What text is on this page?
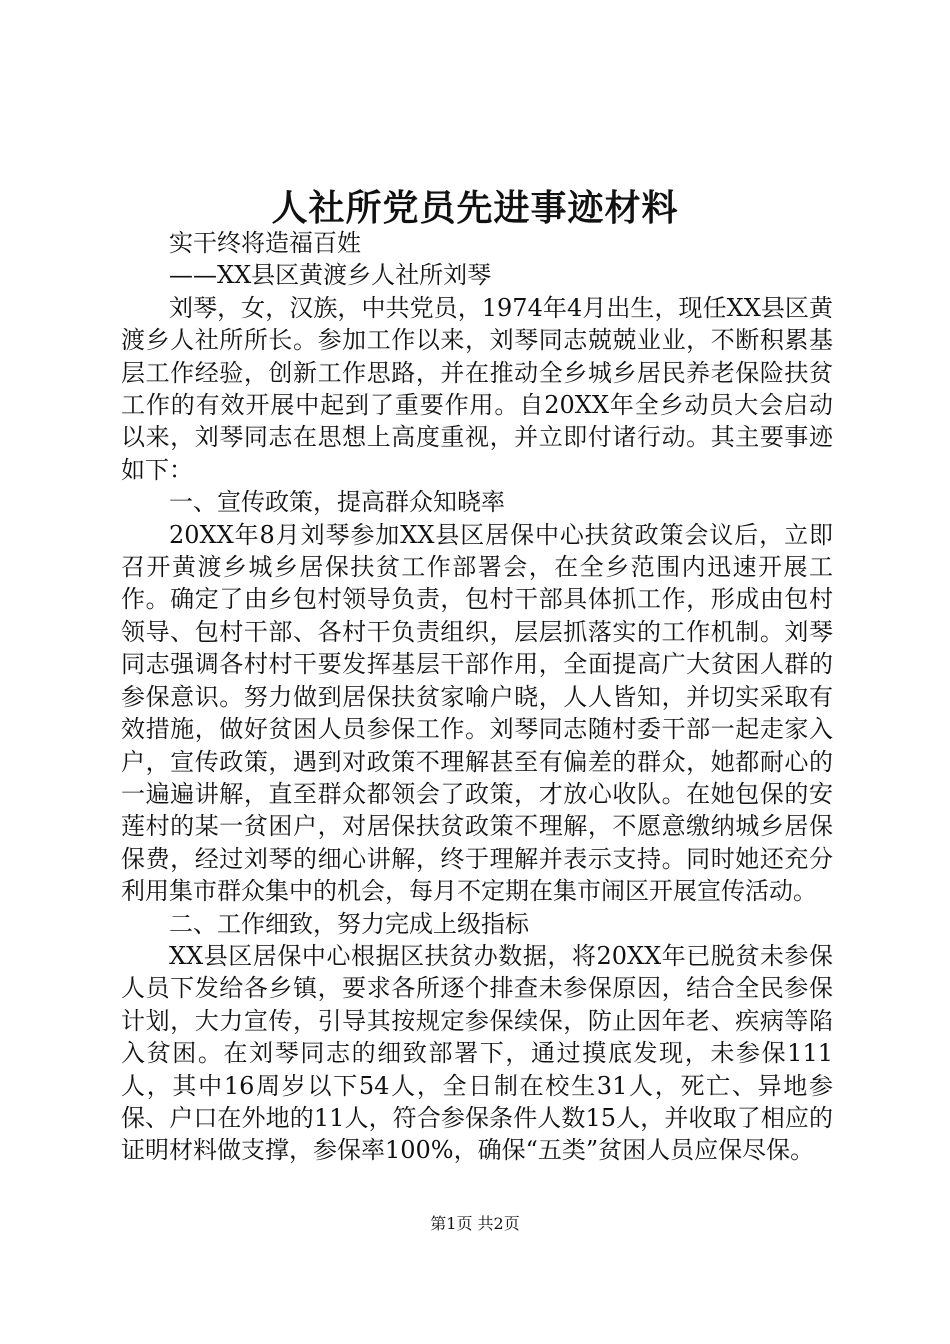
人社所党员先进事迹材料

实干终将造福百姓

——XX县区黄渡乡人社所刘琴

刘琴，女，汉族，中共党员，1974年4月出生，现任XX县区黄渡乡人社所所长。参加工作以来，刘琴同志兢兢业业，不断积累基层工作经验，创新工作思路，并在推动全乡城乡居民养老保险扶贫工作的有效开展中起到了重要作用。自20XX年全乡动员大会启动以来，刘琴同志在思想上高度重视，并立即付诸行动。其主要事迹如下：

一、宣传政策，提高群众知晓率

20XX年8月刘琴参加XX县区居保中心扶贫政策会议后，立即召开黄渡乡城乡居保扶贫工作部署会，在全乡范围内迅速开展工作。确定了由乡包村领导负责，包村干部具体抓工作，形成由包村领导、包村干部、各村干负责组织，层层抓落实的工作机制。刘琴同志强调各村村干要发挥基层干部作用，全面提高广大贫困人群的参保意识。努力做到居保扶贫家喻户晓，人人皆知，并切实采取有效措施，做好贫困人员参保工作。刘琴同志随村委干部一起走家入户，宣传政策，遇到对政策不理解甚至有偏差的群众，她都耐心的一遍遍讲解，直至群众都领会了政策，才放心收队。在她包保的安莲村的某一贫困户，对居保扶贫政策不理解，不愿意缴纳城乡居保保费，经过刘琴的细心讲解，终于理解并表示支持。同时她还充分利用集市群众集中的机会，每月不定期在集市闹区开展宣传活动。

二、工作细致，努力完成上级指标

XX县区居保中心根据区扶贫办数据，将20XX年已脱贫未参保人员下发给各乡镇，要求各所逐个排查未参保原因，结合全民参保计划，大力宣传，引导其按规定参保续保，防止因年老、疾病等陷入贫困。在刘琴同志的细致部署下，通过摸底发现，未参保111人，其中16周岁以下54人，全日制在校生31人，死亡、异地参保、户口在外地的11人，符合参保条件人数15人，并收取了相应的证明材料做支撑，参保率100%，确保“五类”贫困人员应保尽保。

第1页 共2页
